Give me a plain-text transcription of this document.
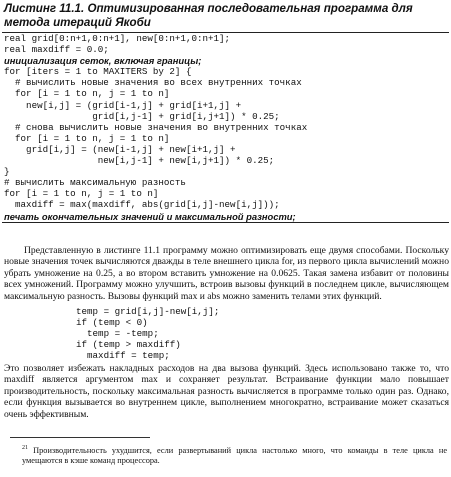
Листинг 11.1. Оптимизированная последовательная программа для метода итераций Якоби
real grid[0:n+1,0:n+1], new[0:n+1,0:n+1];
real maxdiff = 0.0;
инициализация сеток, включая границы;
for [iters = 1 to MAXITERS by 2] {
# вычислить новые значения во всех внутренних точках
for [i = 1 to n, j = 1 to n]
new[i,j] = (grid[i-1,j] + grid[i+1,j] +
grid[i,j-1] + grid[i,j+1]) * 0.25;
# снова вычислить новые значения во внутренних точках
for [i = 1 to n, j = 1 to n]
grid[i,j] = (new[i-1,j] + new[i+1,j] +
new[i,j-1] + new[i,j+1]) * 0.25;
}
# вычислить максимальную разность
for [i = 1 to n, j = 1 to n]
maxdiff = max(maxdiff, abs(grid[i,j]-new[i,j]));
печать окончательных значений и максимальной разности;

Представленную в листинге 11.1 программу можно оптимизировать еще двумя способами. Поскольку новые значения точек вычисляются дважды в теле внешнего цикла for, из первого цикла вычислений можно убрать умножение на 0.25, а во втором вставить умножение на 0.0625. Такая замена избавит от половины всех умножений. Программу можно улучшить, встроив вызовы функций в последнем цикле, вычисляющем максимальную разность. Вызовы функций max и abs можно заменить телами этих функций.

temp = grid[i,j]-new[i,j];
if (temp < 0)
temp = -temp;
if (temp > maxdiff)
maxdiff = temp;

Это позволяет избежать накладных расходов на два вызова функций. Здесь использовано также то, что maxdiff является аргументом max и сохраняет результат. Встраивание функции мало повышает производительность, поскольку максимальная разность вычисляется в программе только один раз. Однако, если функция вызывается во внутреннем цикле, выполнением многократно, встраивание может сказаться очень эффективным.

$^{21}$ Производительность ухудшится, если развертываний цикла настолько много, что команды в теле цикла не умещаются в кэше команд процессора.
